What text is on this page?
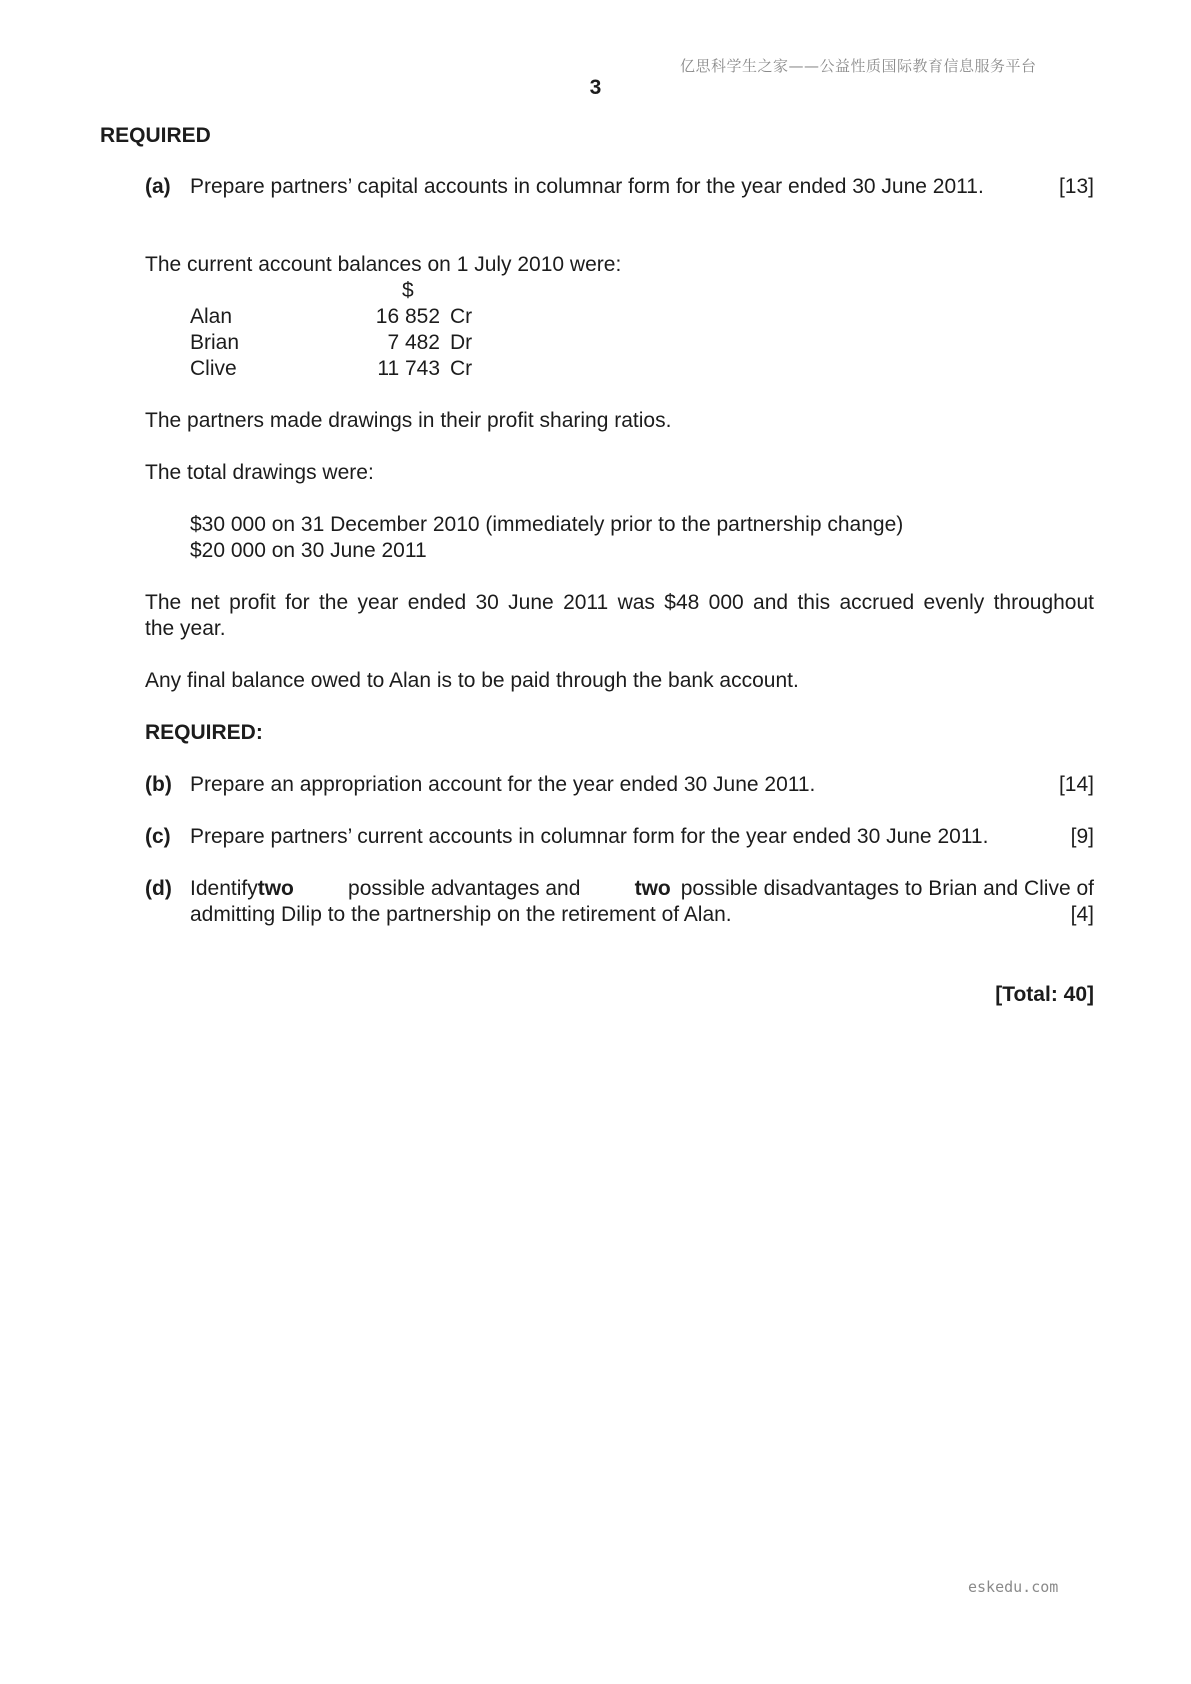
亿思科学生之家——公益性质国际教育信息服务平台
3
REQUIRED
(a) Prepare partners’ capital accounts in columnar form for the year ended 30 June 2011.	[13]
The current account balances on 1 July 2010 were:
$
Alan	16 852 Cr
Brian	7 482 Dr
Clive	11 743 Cr
The partners made drawings in their profit sharing ratios.
The total drawings were:
$30 000 on 31 December 2010 (immediately prior to the partnership change)
$20 000 on 30 June 2011
The net profit for the year ended 30 June 2011 was $48 000 and this accrued evenly throughout
the year.
Any final balance owed to Alan is to be paid through the bank account.
REQUIRED:
(b) Prepare an appropriation account for the year ended 30 June 2011.	[14]
(c) Prepare partners’ current accounts in columnar form for the year ended 30 June 2011.	[9]
(d) Identify two	possible advantages and	two possible disadvantages to Brian and Clive of
admitting Dilip to the partnership on the retirement of Alan.	[4]
[Total: 40]
eskedu.com
